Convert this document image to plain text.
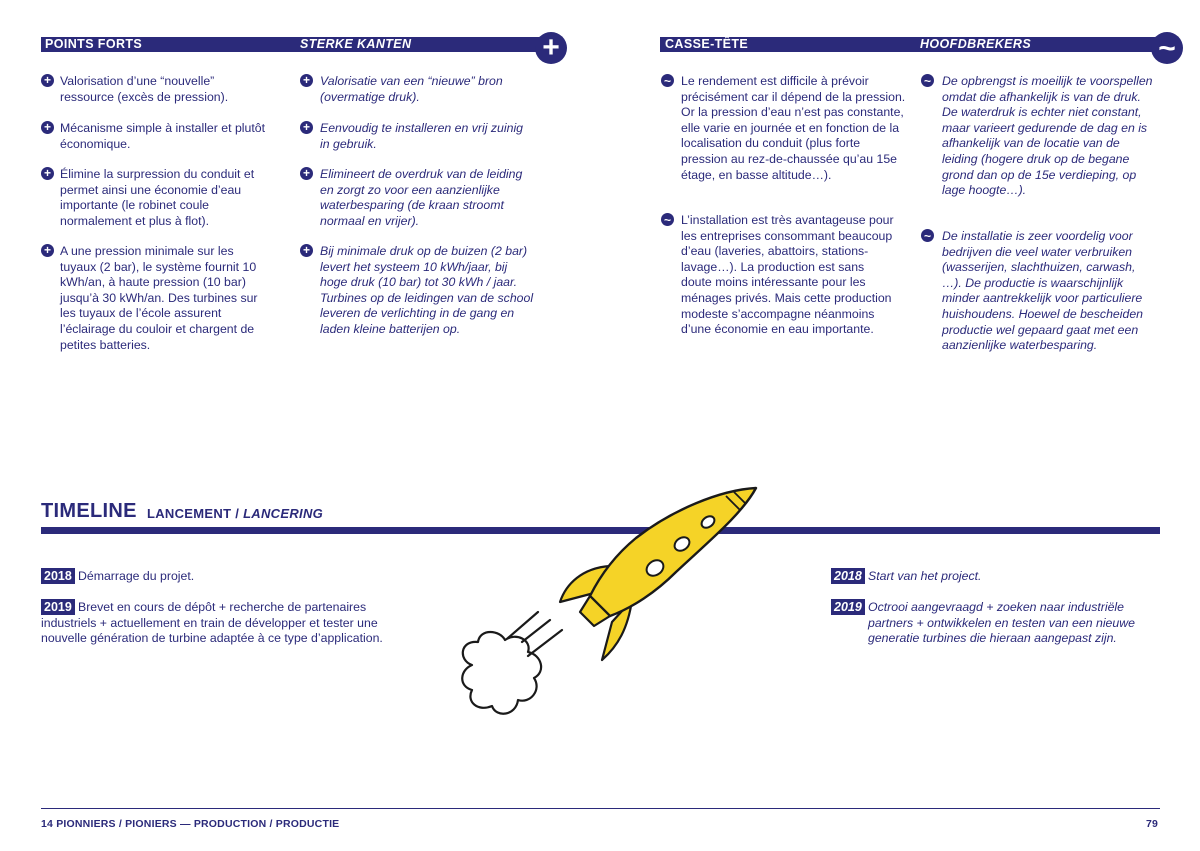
POINTS FORTS	STERKE KANTEN	+
+ Valorisation d’une “nouvelle” ressource (excès de pression).
+ Mécanisme simple à installer et plutôt économique.
+ Élimine la surpression du conduit et permet ainsi une économie d’eau importante (le robinet coule normalement et plus à flot).
+ A une pression minimale sur les tuyaux (2 bar), le système fournit 10 kWh/an, à haute pression (10 bar) jusqu’à 30 kWh/an. Des turbines sur les tuyaux de l’école assurent l’éclairage du couloir et chargent de petites batteries.
+ Valorisatie van een “nieuwe” bron (overmatige druk).
+ Eenvoudig te installeren en vrij zuinig in gebruik.
+ Elimineert de overdruk van de leiding en zorgt zo voor een aanzienlijke waterbesparing (de kraan stroomt normaal en vrijer).
+ Bij minimale druk op de buizen (2 bar) levert het systeem 10 kWh/jaar, bij hoge druk (10 bar) tot 30 kWh / jaar. Turbines op de leidingen van de school leveren de verlichting in de gang en laden kleine batterijen op.
CASSE-TÊTE	HOOFDBREKERS	~
~ Le rendement est difficile à prévoir précisément car il dépend de la pression. Or la pression d’eau n’est pas constante, elle varie en journée et en fonction de la localisation du conduit (plus forte pression au rez-de-chaussée qu’au 15e étage, en basse altitude…).
~ L’installation est très avantageuse pour les entreprises consommant beaucoup d’eau (laveries, abattoirs, stations-lavage…). La production est sans doute moins intéressante pour les ménages privés. Mais cette production modeste s’accompagne néanmoins d’une économie en eau importante.
~ De opbrengst is moeilijk te voorspellen omdat die afhankelijk is van de druk. De waterdruk is echter niet constant, maar varieert gedurende de dag en is afhankelijk van de locatie van de leiding (hogere druk op de begane grond dan op de 15e verdieping, op lage hoogte…).
~ De installatie is zeer voordelig voor bedrijven die veel water verbruiken (wasserijen, slachthuizen, carwash, …). De productie is waarschijnlijk minder aantrekkelijk voor particuliere huishoudens. Hoewel de bescheiden productie wel gepaard gaat met een aanzienlijke waterbesparing.
TIMELINE LANCEMENT / LANCERING
2018 Démarrage du projet.
2019 Brevet en cours de dépôt + recherche de partenaires industriels + actuellement en train de développer et tester une nouvelle génération de turbine adaptée à ce type d’application.
2018 Start van het project.
2019 Octrooi aangevraagd + zoeken naar industriële partners + ontwikkelen en testen van een nieuwe generatie turbines die hieraan aangepast zijn.
14 PIONNIERS / PIONIERS — PRODUCTION / PRODUCTIE	79
